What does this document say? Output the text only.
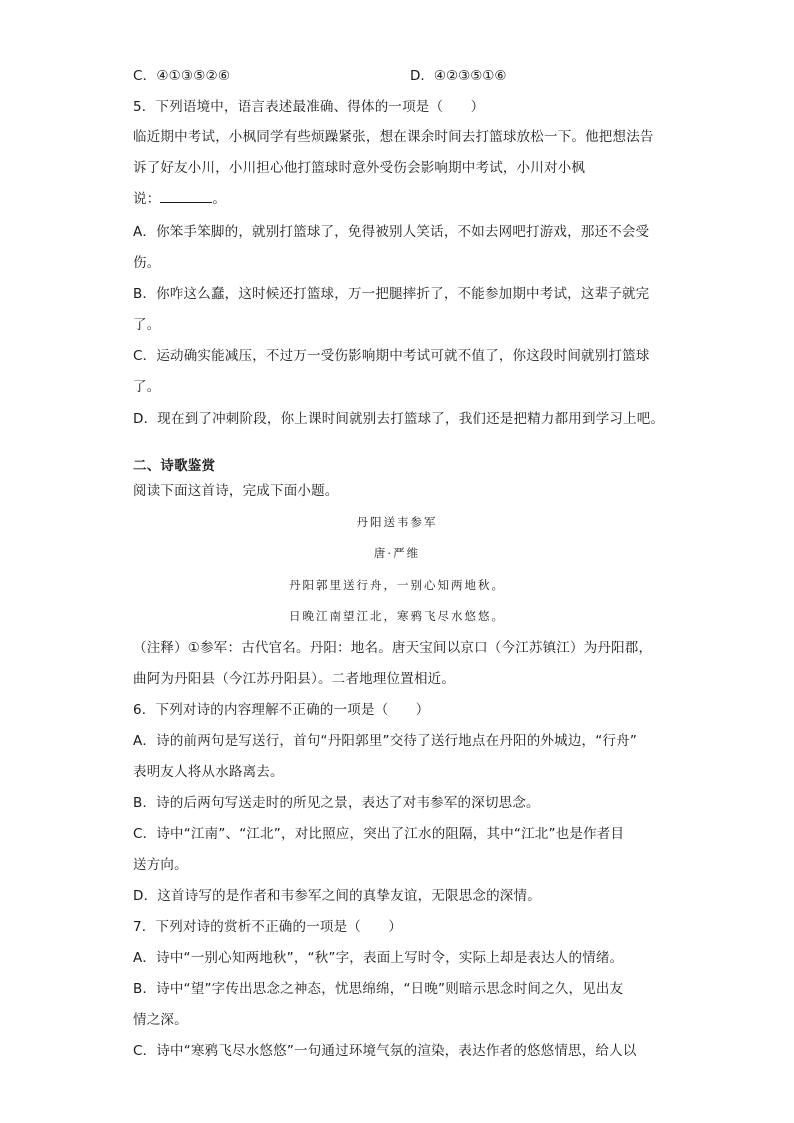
C．④①③⑤②⑥	D．④②③⑤①⑥
5．下列语境中，语言表述最准确、得体的一项是（　　）
临近期中考试，小枫同学有些烦躁紧张，想在课余时间去打篮球放松一下。他把想法告
诉了好友小川，小川担心他打篮球时意外受伤会影响期中考试，小川对小枫
说：	。
A．你笨手笨脚的，就别打篮球了，免得被别人笑话，不如去网吧打游戏，那还不会受
伤。
B．你咋这么蠢，这时候还打篮球，万一把腿摔折了，不能参加期中考试，这辈子就完
了。
C．运动确实能减压，不过万一受伤影响期中考试可就不值了，你这段时间就别打篮球
了。
D．现在到了冲刺阶段，你上课时间就别去打篮球了，我们还是把精力都用到学习上吧。
二、诗歌鉴赏
阅读下面这首诗，完成下面小题。
丹阳送韦参军
唐·严维
丹阳郭里送行舟，一别心知两地秋。
日晚江南望江北，寒鸦飞尽水悠悠。
（注释）①参军：古代官名。丹阳：地名。唐天宝间以京口（今江苏镇江）为丹阳郡，
曲阿为丹阳县（今江苏丹阳县）。二者地理位置相近。
6．下列对诗的内容理解不正确的一项是（　　）
A．诗的前两句是写送行，首句“丹阳郭里”交待了送行地点在丹阳的外城边，“行舟”
表明友人将从水路离去。
B．诗的后两句写送走时的所见之景，表达了对韦参军的深切思念。
C．诗中“江南”、“江北”，对比照应，突出了江水的阻隔，其中“江北”也是作者目
送方向。
D．这首诗写的是作者和韦参军之间的真挚友谊，无限思念的深情。
7．下列对诗的赏析不正确的一项是（　　）
A．诗中“一别心知两地秋”，“秋”字，表面上写时令，实际上却是表达人的情绪。
B．诗中“望”字传出思念之神态，忧思绵绵，“日晚”则暗示思念时间之久，见出友
情之深。
C．诗中“寒鸦飞尽水悠悠”一句通过环境气氛的渲染，表达作者的悠悠情思，给人以
